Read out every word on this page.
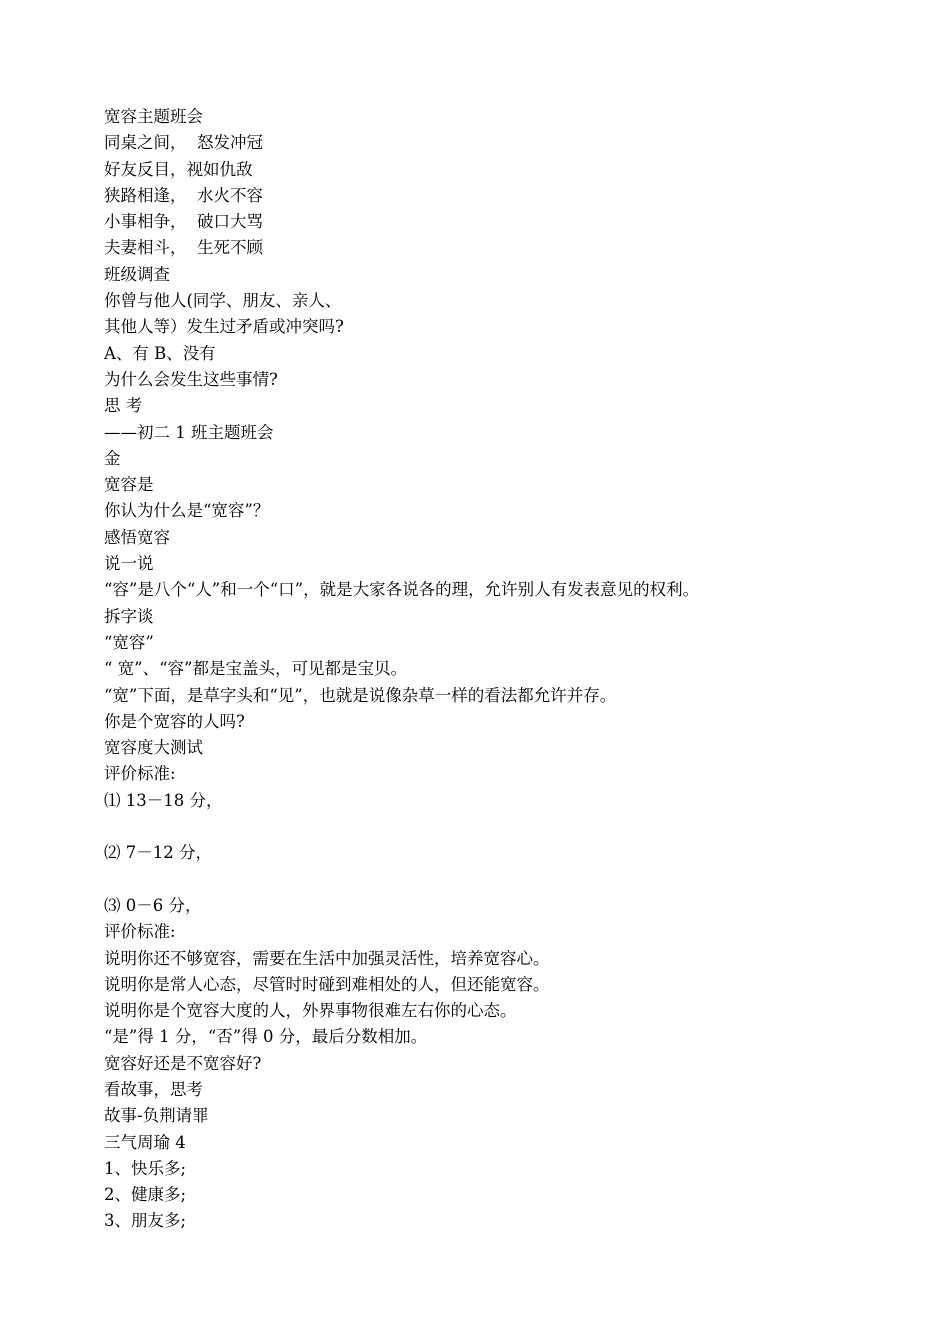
宽容主题班会
同桌之间，  怒发冲冠
好友反目，视如仇敌
狭路相逢，  水火不容
小事相争，  破口大骂
夫妻相斗，  生死不顾
班级调查
你曾与他人(同学、朋友、亲人、
其他人等）发生过矛盾或冲突吗?
A、有 B、没有
为什么会发生这些事情?
思 考
——初二 1 班主题班会
金
宽容是
你认为什么是“宽容”？
感悟宽容
说一说
“容”是八个“人”和一个“口”，就是大家各说各的理，允许别人有发表意见的权利。
拆字谈
“宽容”
“ 宽”、“容”都是宝盖头，可见都是宝贝。
“宽”下面，是草字头和“见”，也就是说像杂草一样的看法都允许并存。
你是个宽容的人吗?
宽容度大测试
评价标准:
⑴ 13－18 分，
⑵ 7－12 分，
⑶ 0－6 分，
评价标准:
说明你还不够宽容，需要在生活中加强灵活性，培养宽容心。
说明你是常人心态，尽管时时碰到难相处的人，但还能宽容。
说明你是个宽容大度的人，外界事物很难左右你的心态。
“是”得 1 分，“否”得 0 分，最后分数相加。
宽容好还是不宽容好?
看故事，思考
故事-负荆请罪
三气周瑜 4
1、快乐多;
2、健康多;
3、朋友多;
